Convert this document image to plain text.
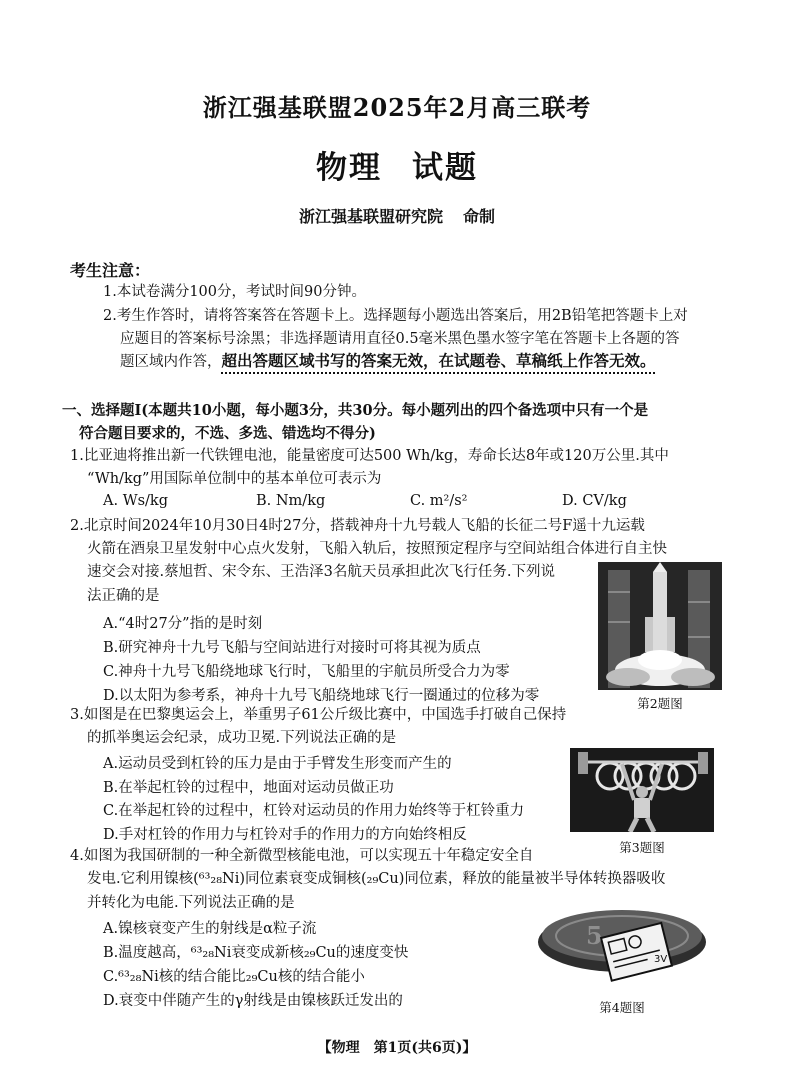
浙江强基联盟2025年2月高三联考
物理 试题
浙江强基联盟研究院 命制
考生注意：
1.本试卷满分100分，考试时间90分钟。
2.考生作答时，请将答案答在答题卡上。选择题每小题选出答案后，用2B铅笔把答题卡上对
应题目的答案标号涂黑；非选择题请用直径0.5毫米黑色墨水签字笔在答题卡上各题的答
题区域内作答，超出答题区域书写的答案无效，在试题卷、草稿纸上作答无效。
一、选择题Ⅰ(本题共10小题，每小题3分，共30分。每小题列出的四个备选项中只有一个是
符合题目要求的，不选、多选、错选均不得分)
1.比亚迪将推出新一代铁锂电池，能量密度可达500 Wh/kg，寿命长达8年或120万公里.其中
“Wh/kg”用国际单位制中的基本单位可表示为
A. Ws/kg	B. Nm/kg	C. m²/s²	D. CV/kg
2.北京时间2024年10月30日4时27分，搭载神舟十九号载人飞船的长征二号F遥十九运载
火箭在酒泉卫星发射中心点火发射，飞船入轨后，按照预定程序与空间站组合体进行自主快
速交会对接.蔡旭哲、宋令东、王浩泽3名航天员承担此次飞行任务.下列说
法正确的是
A.“4时27分”指的是时刻
B.研究神舟十九号飞船与空间站进行对接时可将其视为质点
C.神舟十九号飞船绕地球飞行时，飞船里的宇航员所受合力为零
D.以太阳为参考系，神舟十九号飞船绕地球飞行一圈通过的位移为零	第2题图
3.如图是在巴黎奥运会上，举重男子61公斤级比赛中，中国选手打破自己保持
的抓举奥运会纪录，成功卫冕.下列说法正确的是
A.运动员受到杠铃的压力是由于手臂发生形变而产生的
B.在举起杠铃的过程中，地面对运动员做正功
C.在举起杠铃的过程中，杠铃对运动员的作用力始终等于杠铃重力
D.手对杠铃的作用力与杠铃对手的作用力的方向始终相反
第3题图
4.如图为我国研制的一种全新微型核能电池，可以实现五十年稳定安全自
发电.它利用镍核(⁶³₂₈Ni)同位素衰变成铜核(₂₉Cu)同位素，释放的能量被半导体转换器吸收
并转化为电能.下列说法正确的是
A.镍核衰变产生的射线是α粒子流
B.温度越高，⁶³₂₈Ni衰变成新核₂₉Cu的速度变快
C.⁶³₂₈Ni核的结合能比₂₉Cu核的结合能小
D.衰变中伴随产生的γ射线是由镍核跃迁发出的
5
3V
第4题图
【物理　第1页(共6页)】
